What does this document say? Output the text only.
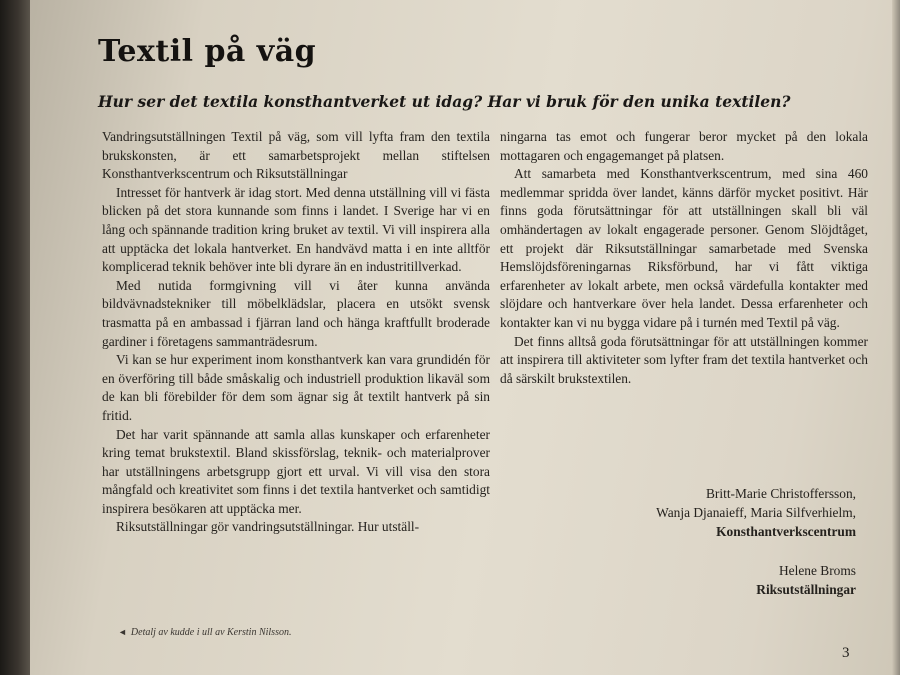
Textil på väg
Hur ser det textila konsthantverket ut idag? Har vi bruk för den unika textilen?

Vandringsutställningen Textil på väg, som vill lyfta fram den textila brukskonsten, är ett samarbetsprojekt mellan stiftelsen Konsthantverkscentrum och Riksutställningar

Intresset för hantverk är idag stort. Med denna utställning vill vi fästa blicken på det stora kunnande som finns i landet. I Sverige har vi en lång och spännande tradition kring bruket av textil. Vi vill inspirera alla att upptäcka det lokala hantverket. En handvävd matta i en inte alltför komplicerad teknik behöver inte bli dyrare än en industritillverkad.

Med nutida formgivning vill vi åter kunna använda bildvävnadstekniker till möbelklädslar, placera en utsökt svensk trasmatta på en ambassad i fjärran land och hänga kraftfullt broderade gardiner i företagens sammanträdesrum.

Vi kan se hur experiment inom konsthantverk kan vara grundidén för en överföring till både småskalig och industriell produktion likaväl som de kan bli förebilder för dem som ägnar sig åt textilt hantverk på sin fritid.

Det har varit spännande att samla allas kunskaper och erfarenheter kring temat brukstextil. Bland skissförslag, teknik- och materialprover har utställningens arbetsgrupp gjort ett urval. Vi vill visa den stora mångfald och kreativitet som finns i det textila hantverket och samtidigt inspirera besökaren att upptäcka mer.

Riksutställningar gör vandringsutställningar. Hur utställ-

ningarna tas emot och fungerar beror mycket på den lokala mottagaren och engagemanget på platsen.

Att samarbeta med Konsthantverkscentrum, med sina 460 medlemmar spridda över landet, känns därför mycket positivt. Här finns goda förutsättningar för att utställningen skall bli väl omhändertagen av lokalt engagerade personer. Genom Slöjdtåget, ett projekt där Riksutställningar samarbetade med Svenska Hemslöjdsföreningarnas Riksförbund, har vi fått viktiga erfarenheter av lokalt arbete, men också värdefulla kontakter med slöjdare och hantverkare över hela landet. Dessa erfarenheter och kontakter kan vi nu bygga vidare på i turnén med Textil på väg.

Det finns alltså goda förutsättningar för att utställningen kommer att inspirera till aktiviteter som lyfter fram det textila hantverket och då särskilt brukstextilen.

Britt-Marie Christoffersson,
Wanja Djanaieff, Maria Silfverhielm,
Konsthantverkscentrum
Helene Broms
Riksutställningar
◄ Detalj av kudde i ull av Kerstin Nilsson.
3
